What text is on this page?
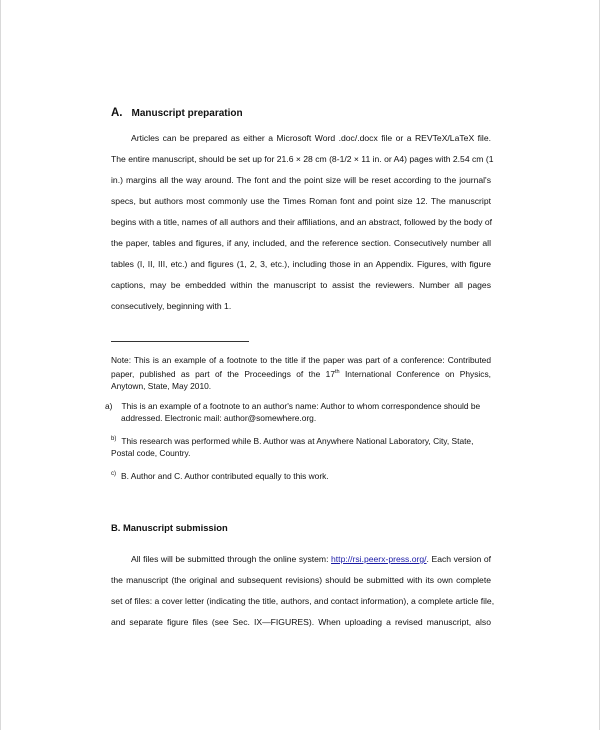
A. Manuscript preparation
Articles can be prepared as either a Microsoft Word .doc/.docx file or a REVTeX/LaTeX file.
The entire manuscript, should be set up for 21.6 × 28 cm (8-1/2 × 11 in. or A4) pages with 2.54 cm (1
in.) margins all the way around. The font and the point size will be reset according to the journal's
specs, but authors most commonly use the Times Roman font and point size 12. The manuscript
begins with a title, names of all authors and their affiliations, and an abstract, followed by the body of
the paper, tables and figures, if any, included, and the reference section. Consecutively number all
tables (I, II, III, etc.) and figures (1, 2, 3, etc.), including those in an Appendix. Figures, with figure
captions, may be embedded within the manuscript to assist the reviewers. Number all pages
consecutively, beginning with 1.
Note: This is an example of a footnote to the title if the paper was part of a conference: Contributed
paper, published as part of the Proceedings of the 17th International Conference on Physics,
Anytown, State, May 2010.
a) This is an example of a footnote to an author's name: Author to whom correspondence should be
addressed. Electronic mail: author@somewhere.org.
$^{b)}$ This research was performed while B. Author was at Anywhere National Laboratory, City, State, Postal code, Country.
$^{c)}$ B. Author and C. Author contributed equally to this work.
B. Manuscript submission
All files will be submitted through the online system: http://rsi.peerx-press.org/. Each version of
the manuscript (the original and subsequent revisions) should be submitted with its own complete
set of files: a cover letter (indicating the title, authors, and contact information), a complete article file,
and separate figure files (see Sec. IX—FIGURES). When uploading a revised manuscript, also
